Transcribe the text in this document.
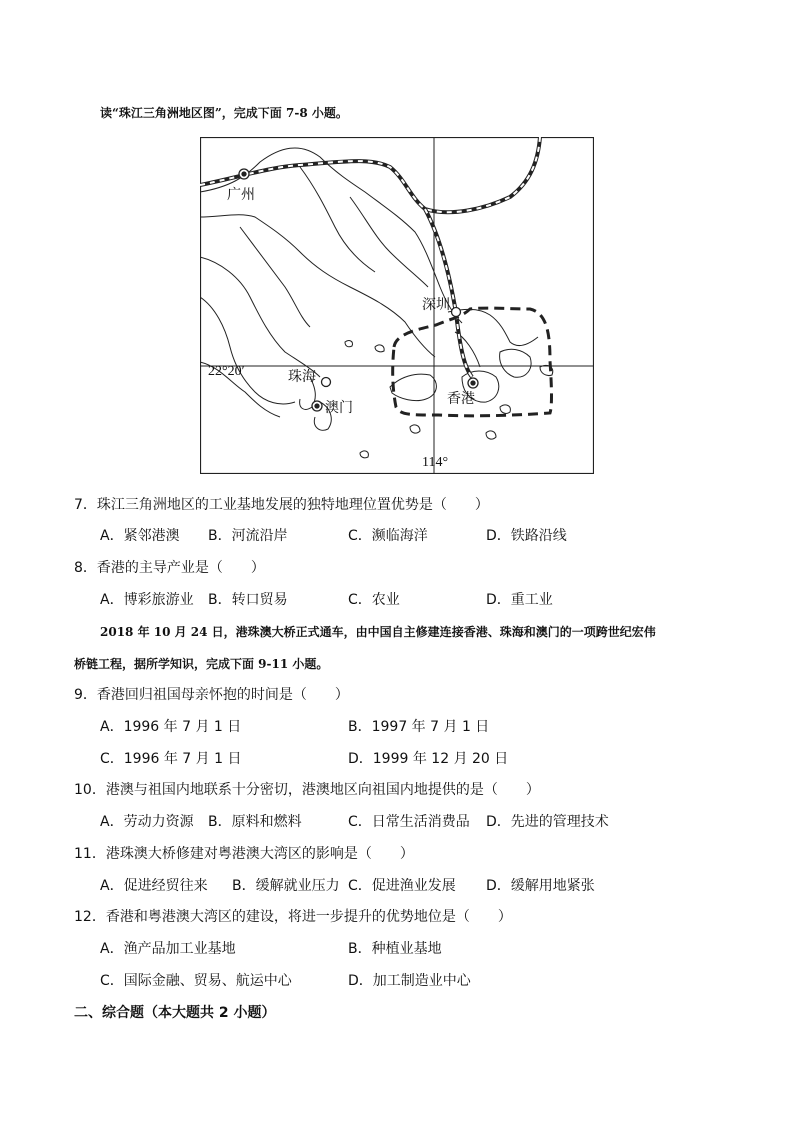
读“珠江三角洲地区图”，完成下面 7-8 小题。
广州
深圳
珠海
澳门
香港
22°20′
114°
7．珠江三角洲地区的工业基地发展的独特地理位置优势是（　　）
A．紧邻港澳 B．河流沿岸	C．濒临海洋	D．铁路沿线
8．香港的主导产业是（　　）
A．博彩旅游业 B．转口贸易	C．农业	D．重工业
2018 年 10 月 24 日，港珠澳大桥正式通车，由中国自主修建连接香港、珠海和澳门的一项跨世纪宏伟
桥链工程，据所学知识，完成下面 9-11 小题。
9．香港回归祖国母亲怀抱的时间是（　　）
A．1996 年 7 月 1 日	B．1997 年 7 月 1 日
C．1996 年 7 月 1 日	D．1999 年 12 月 20 日
10．港澳与祖国内地联系十分密切，港澳地区向祖国内地提供的是（　　）
A．劳动力资源 B．原料和燃料	C．日常生活消费品 D．先进的管理技术
11．港珠澳大桥修建对粤港澳大湾区的影响是（　　）
A．促进经贸往来 B．缓解就业压力 C．促进渔业发展 D．缓解用地紧张
12．香港和粤港澳大湾区的建设，将进一步提升的优势地位是（　　）
A．渔产品加工业基地	B．种植业基地
C．国际金融、贸易、航运中心	D．加工制造业中心
二、综合题（本大题共 2 小题）
